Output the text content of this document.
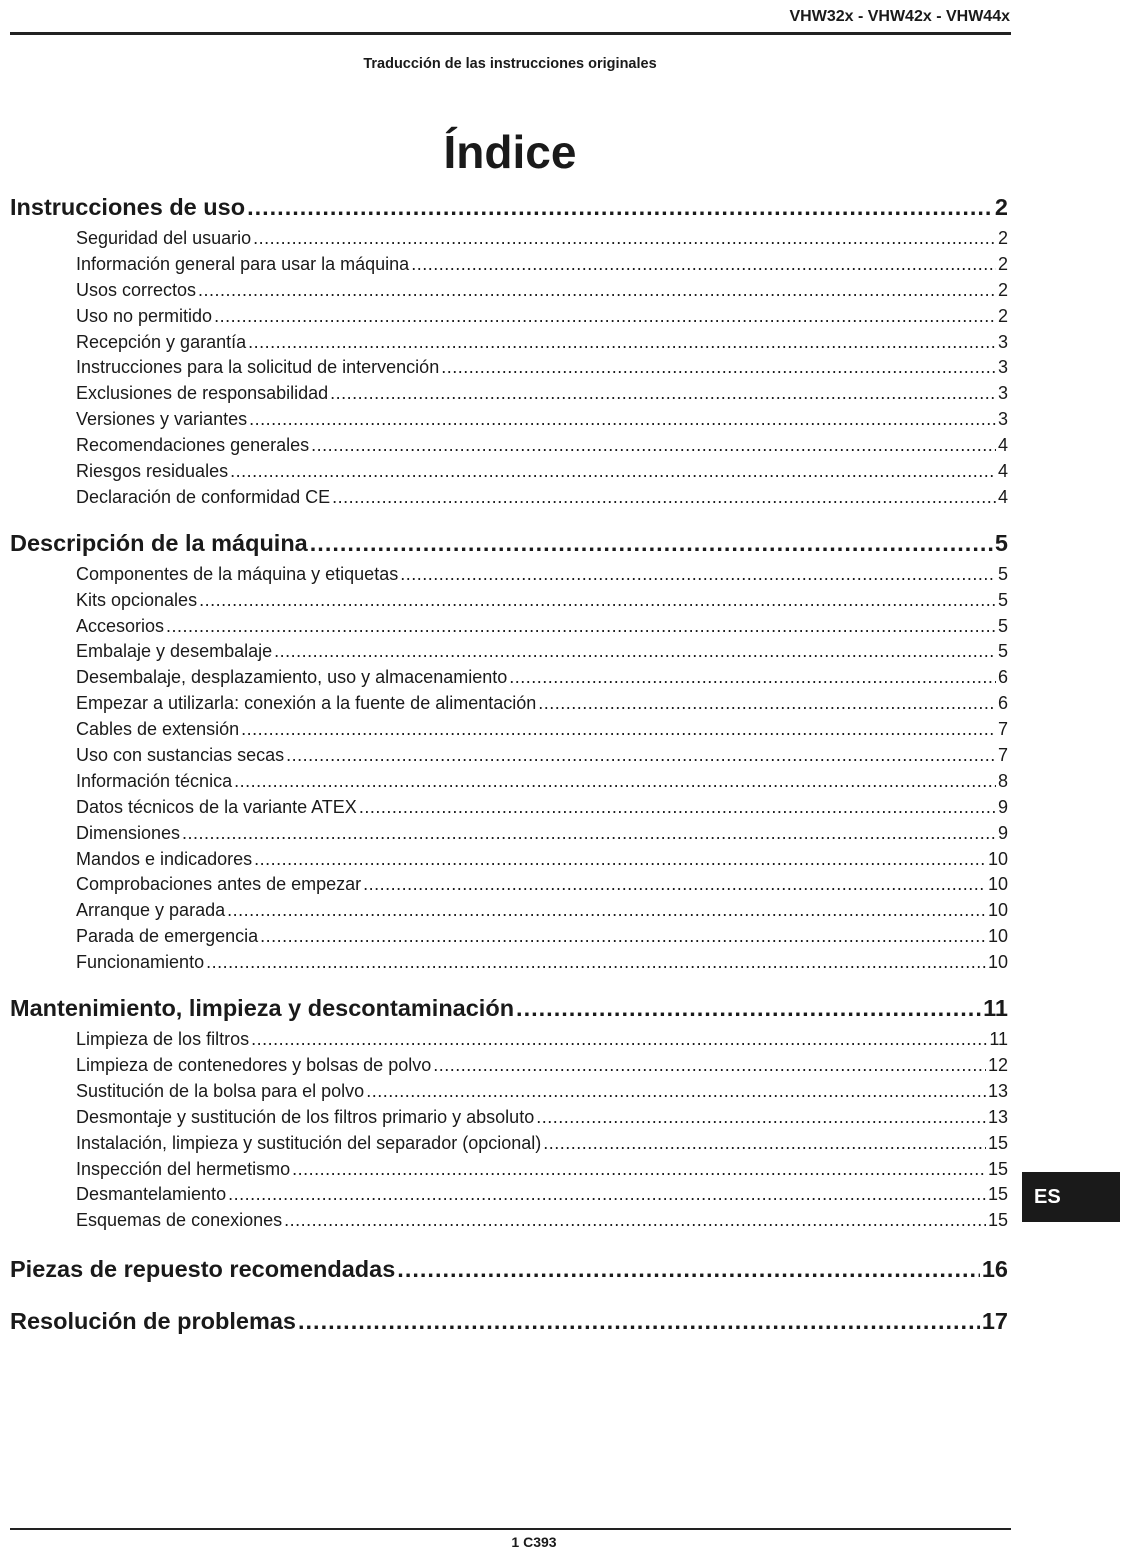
VHW32x - VHW42x - VHW44x
Traducción de las instrucciones originales
Índice
Instrucciones de uso .....	2
Seguridad del usuario .....	2
Información general para usar la máquina .....	2
Usos correctos .....	2
Uso no permitido .....	2
Recepción y garantía .....	3
Instrucciones para la solicitud de intervención .....	3
Exclusiones de responsabilidad .....	3
Versiones y variantes .....	3
Recomendaciones generales .....	4
Riesgos residuales .....	4
Declaración de conformidad CE .....	4
Descripción de la máquina .....	5
Componentes de la máquina y etiquetas .....	5
Kits opcionales .....	5
Accesorios .....	5
Embalaje y desembalaje .....	5
Desembalaje, desplazamiento, uso y almacenamiento .....	6
Empezar a utilizarla: conexión a la fuente de alimentación .....	6
Cables de extensión .....	7
Uso con sustancias secas .....	7
Información técnica .....	8
Datos técnicos de la variante ATEX .....	9
Dimensiones .....	9
Mandos e indicadores .....	10
Comprobaciones antes de empezar .....	10
Arranque y parada .....	10
Parada de emergencia .....	10
Funcionamiento .....	10
Mantenimiento, limpieza y descontaminación .....	11
Limpieza de los filtros .....	11
Limpieza de contenedores y bolsas de polvo .....	12
Sustitución de la bolsa para el polvo .....	13
Desmontaje y sustitución de los filtros primario y absoluto .....	13
Instalación, limpieza y sustitución del separador (opcional) .....	15
Inspección del hermetismo .....	15
Desmantelamiento .....	15
Esquemas de conexiones .....	15
Piezas de repuesto recomendadas .....	16
Resolución de problemas .....	17
ES
1 C393
